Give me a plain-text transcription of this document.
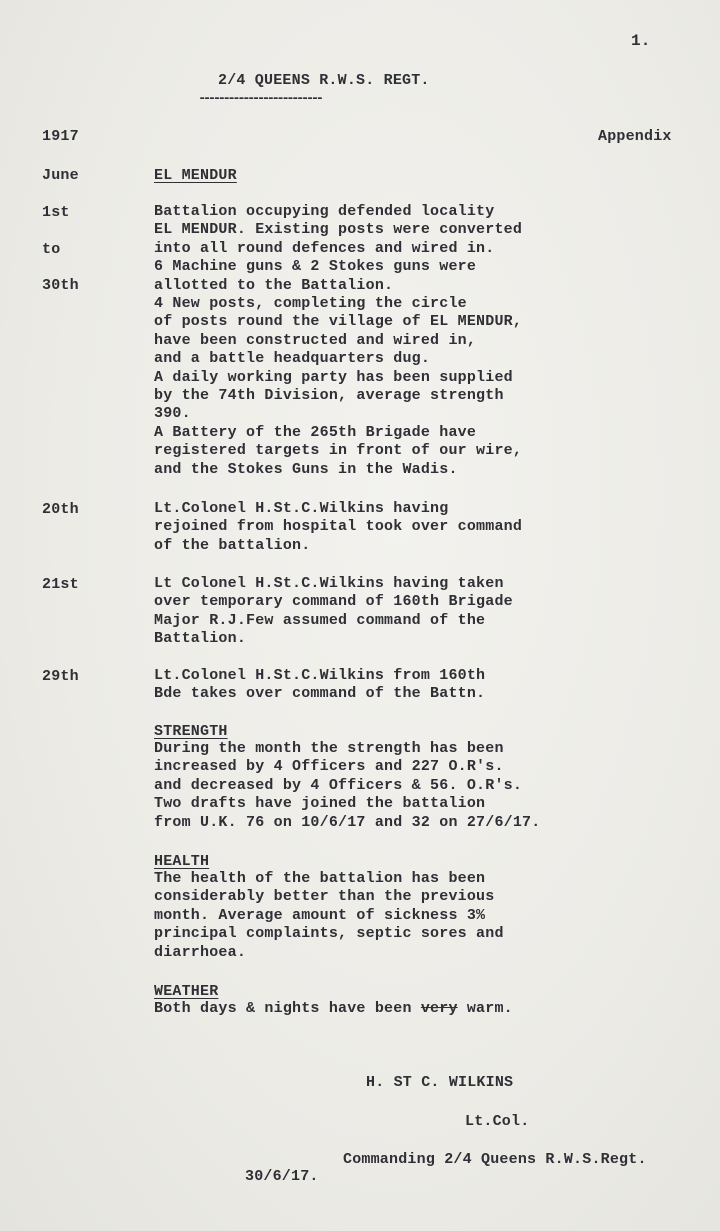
1.
2/4 QUEENS R.W.S. REGT.
-------------------------
1917	Appendix
June	EL MENDUR
1st
to
30th
Battalion occupying defended locality
EL MENDUR. Existing posts were converted
into all round defences and wired in.
6 Machine guns & 2 Stokes guns were
allotted to the Battalion.
4 New posts, completing the circle
of posts round the village of EL MENDUR,
have been constructed and wired in,
and a battle headquarters dug.
A daily working party has been supplied
by the 74th Division, average strength
390.
A Battery of the 265th Brigade have
registered targets in front of our wire,
and the Stokes Guns in the Wadis.
20th	Lt.Colonel H.St.C.Wilkins having
rejoined from hospital took over command
of the battalion.
21st	Lt Colonel H.St.C.Wilkins having taken
over temporary command of 160th Brigade
Major R.J.Few assumed command of the
Battalion.
29th	Lt.Colonel H.St.C.Wilkins from 160th
Bde takes over command of the Battn.
STRENGTH
During the month the strength has been
increased by 4 Officers and 227 O.R's.
and decreased by 4 Officers & 56. O.R's.
Two drafts have joined the battalion
from U.K. 76 on 10/6/17 and 32 on 27/6/17.
HEALTH
The health of the battalion has been
considerably better than the previous
month. Average amount of sickness 3%
principal complaints, septic sores and
diarrhoea.
WEATHER
Both days & nights have been very warm.
H. ST C. WILKINS
Lt.Col.
Commanding 2/4 Queens R.W.S.Regt.
30/6/17.
